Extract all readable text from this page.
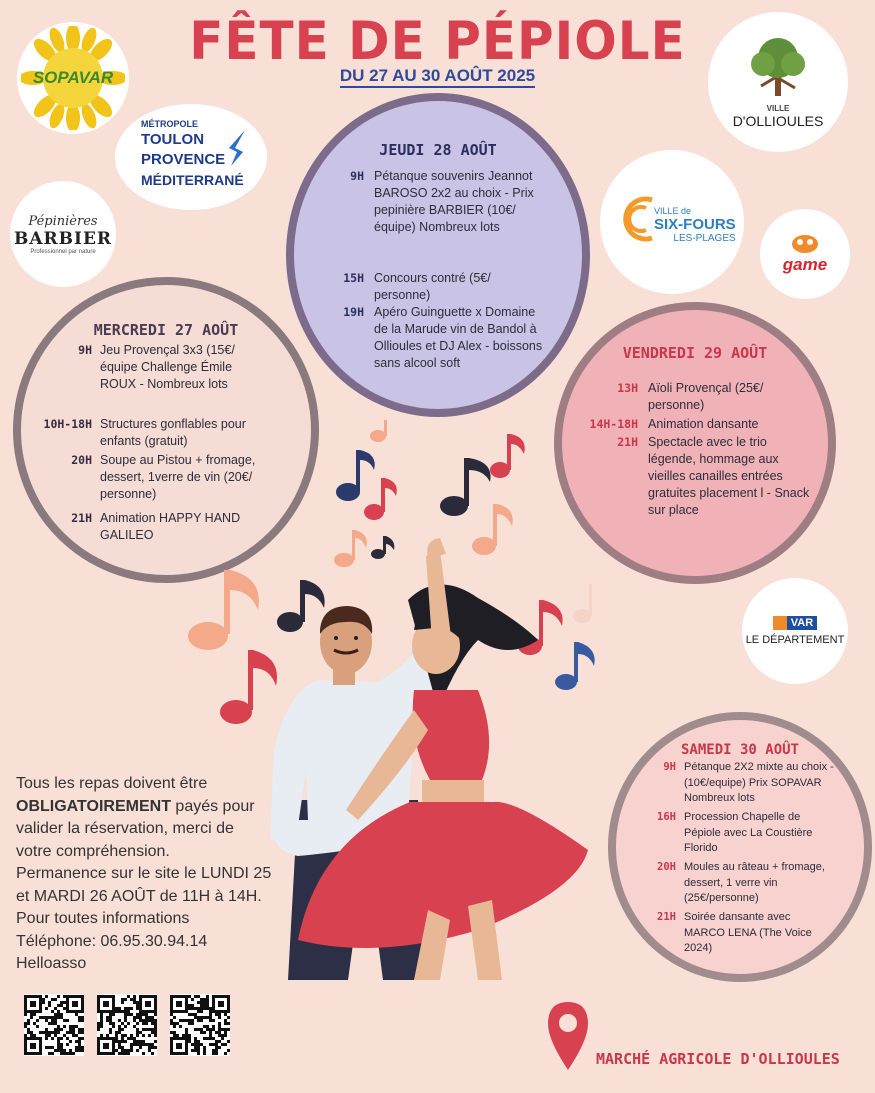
FÊTE DE PÉPIOLE
DU 27 AU 30 AOÛT 2025
SOPAVAR
MÉTROPOLE
TOULON
PROVENCE
MÉDITERRANÉ
Pépinières
BARBIER
Professionnel par nature
VILLE
D'OLLIOULES
VILLE de
SIX-FOURS
LES-PLAGES
game
VAR
LE DÉPARTEMENT
JEUDI 28 AOÛT
9H Pétanque souvenirs Jeannot BAROSO 2x2 au choix - Prix pepinière BARBIER (10€/équipe) Nombreux lots
15H Concours contré (5€/ personne)
19H Apéro Guinguette x Domaine de la Marude vin de Bandol à Ollioules et DJ Alex - boissons sans alcool soft
MERCREDI 27 AOÛT
9H Jeu Provençal 3x3 (15€/ équipe Challenge Émile ROUX - Nombreux lots
10H-18H Structures gonflables pour enfants (gratuit)
20H Soupe au Pistou + fromage, dessert, 1verre de vin (20€/ personne)
21H Animation HAPPY HAND GALILEO
VENDREDI 29 AOÛT
13H Aïoli Provençal (25€/ personne)
14H-18H Animation dansante
21H Spectacle avec le trio légende, hommage aux vieilles canailles entrées gratuites placement l - Snack sur place
SAMEDI 30 AOÛT
9H Pétanque 2X2 mixte au choix - (10€/equipe) Prix SOPAVAR Nombreux lots
16H Procession Chapelle de Pépiole avec La Coustière Florido
20H Moules au râteau + fromage, dessert, 1 verre vin (25€/personne)
21H Soirée dansante avec MARCO LENA (The Voice 2024)
Tous les repas doivent être
OBLIGATOIREMENT payés pour
valider la réservation, merci de
votre compréhension.
Permanence sur le site le LUNDI 25
et MARDI 26 AOÛT de 11H à 14H.
Pour toutes informations
Téléphone: 06.95.30.94.14
Helloasso
MARCHÉ AGRICOLE D'OLLIOULES
